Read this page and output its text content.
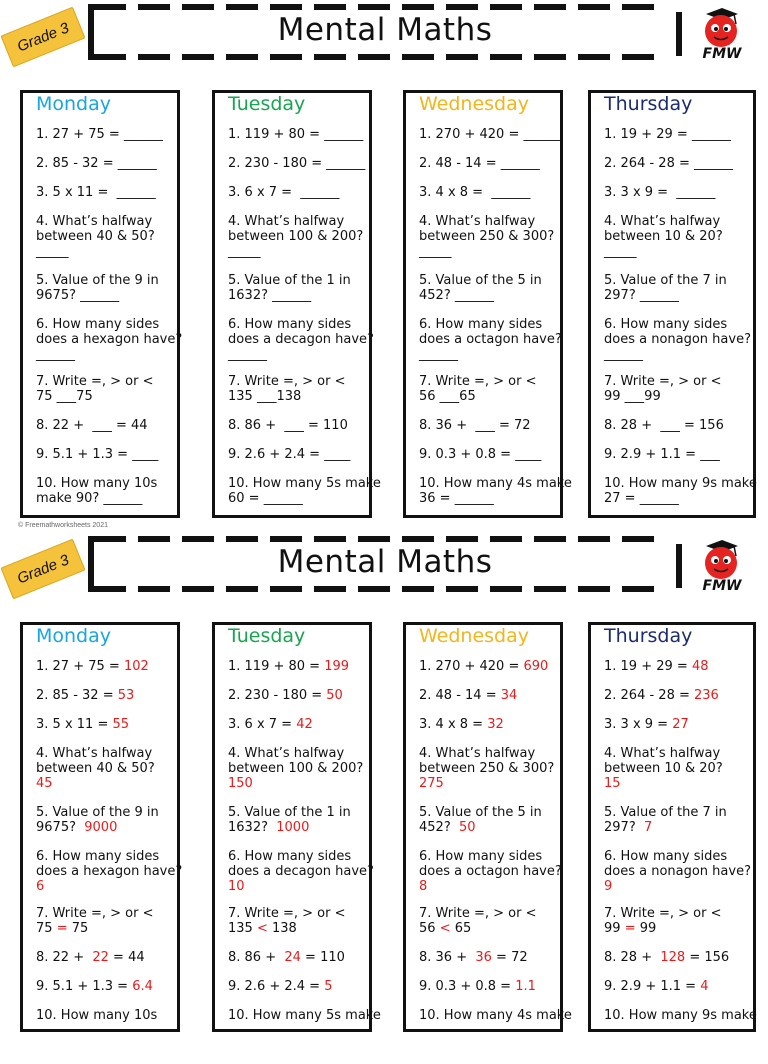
Grade 3	Mental Maths
FMW
Monday
1. 27 + 75 = ______
2. 85 - 32 = ______
3. 5 x 11 =  ______
4. What’s halfway
between 40 & 50?
_____
5. Value of the 9 in
9675? ______
6. How many sides
does a hexagon have?
______
7. Write =, > or <
75 ___75
8. 22 +  ___ = 44
9. 5.1 + 1.3 = ____
10. How many 10s
make 90? ______
Tuesday
1. 119 + 80 = ______
2. 230 - 180 = ______
3. 6 x 7 =  ______
4. What’s halfway
between 100 & 200?
_____
5. Value of the 1 in
1632? ______
6. How many sides
does a decagon have?
______
7. Write =, > or <
135 ___138
8. 86 +  ___ = 110
9. 2.6 + 2.4 = ____
10. How many 5s make
60 = ______
Wednesday
1. 270 + 420 = ______
2. 48 - 14 = ______
3. 4 x 8 =  ______
4. What’s halfway
between 250 & 300?
_____
5. Value of the 5 in
452? ______
6. How many sides
does a octagon have?
______
7. Write =, > or <
56 ___65
8. 36 +  ___ = 72
9. 0.3 + 0.8 = ____
10. How many 4s make
36 = ______
Thursday
1. 19 + 29 = ______
2. 264 - 28 = ______
3. 3 x 9 =  ______
4. What’s halfway
between 10 & 20?
_____
5. Value of the 7 in
297? ______
6. How many sides
does a nonagon have?
______
7. Write =, > or <
99 ___99
8. 28 +  ___ = 156
9. 2.9 + 1.1 = ___
10. How many 9s make
27 = ______
© Freemathworksheets 2021
Grade 3	Mental Maths
FMW
Monday
1. 27 + 75 = 102
2. 85 - 32 = 53
3. 5 x 11 = 55
4. What’s halfway
between 40 & 50?
45
5. Value of the 9 in
9675?  9000
6. How many sides
does a hexagon have?
6
7. Write =, > or <
75 = 75
8. 22 +  22 = 44
9. 5.1 + 1.3 = 6.4
10. How many 10s
Tuesday
1. 119 + 80 = 199
2. 230 - 180 = 50
3. 6 x 7 = 42
4. What’s halfway
between 100 & 200?
150
5. Value of the 1 in
1632?  1000
6. How many sides
does a decagon have?
10
7. Write =, > or <
135 < 138
8. 86 +  24 = 110
9. 2.6 + 2.4 = 5
10. How many 5s make
Wednesday
1. 270 + 420 = 690
2. 48 - 14 = 34
3. 4 x 8 = 32
4. What’s halfway
between 250 & 300?
275
5. Value of the 5 in
452?  50
6. How many sides
does a octagon have?
8
7. Write =, > or <
56 < 65
8. 36 +  36 = 72
9. 0.3 + 0.8 = 1.1
10. How many 4s make
Thursday
1. 19 + 29 = 48
2. 264 - 28 = 236
3. 3 x 9 = 27
4. What’s halfway
between 10 & 20?
15
5. Value of the 7 in
297?  7
6. How many sides
does a nonagon have?
9
7. Write =, > or <
99 = 99
8. 28 +  128 = 156
9. 2.9 + 1.1 = 4
10. How many 9s make
